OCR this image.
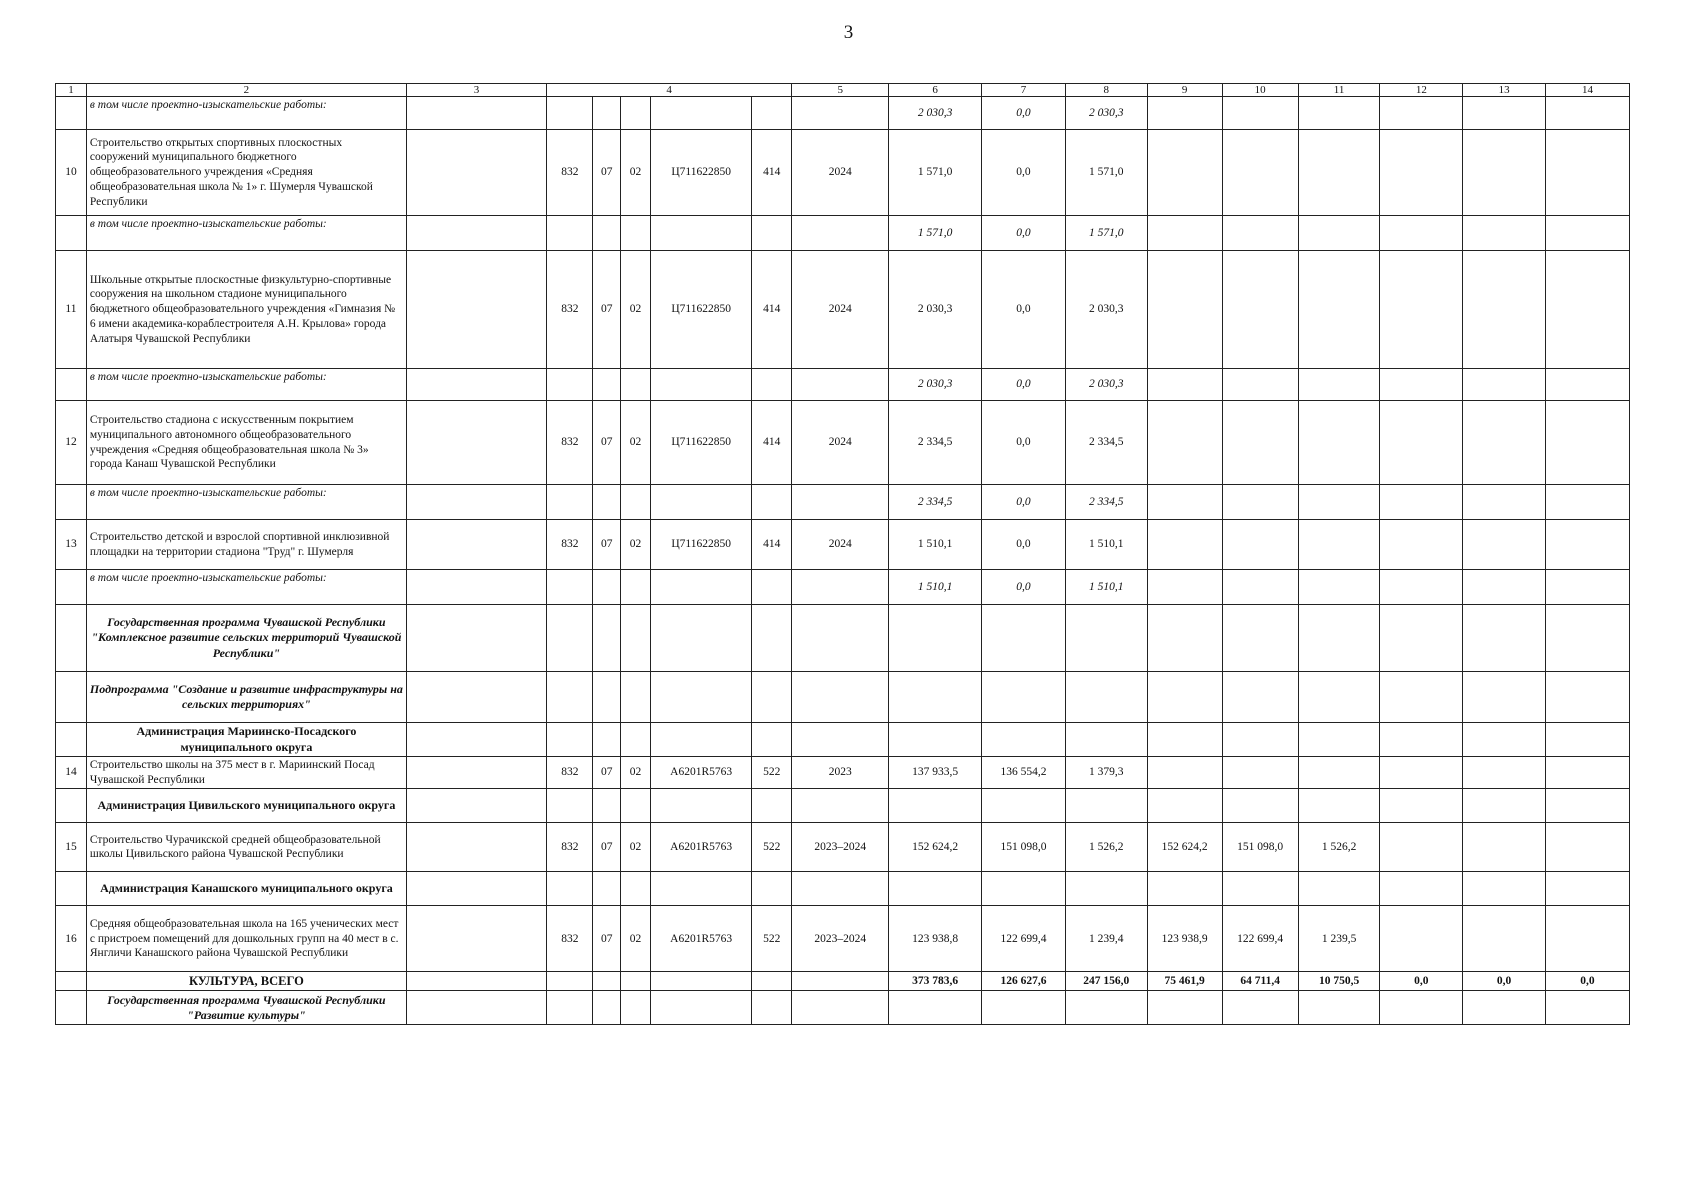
3
1	2	3	4					5	6	7	8	9	10	11	12	13	14
	в том числе проектно-изыскательские работы:								2 030,3	0,0	2 030,3						
10	Строительство открытых спортивных плоскостных сооружений муниципального бюджетного общеобразовательного учреждения «Средняя общеобразовательная школа № 1» г. Шумерля Чувашской Республики		832	07	02	Ц711622850	414	2024	1 571,0	0,0	1 571,0						
	в том числе проектно-изыскательские работы:								1 571,0	0,0	1 571,0						
11	Школьные открытые плоскостные физкультурно-спортивные сооружения на школьном стадионе муниципального бюджетного общеобразовательного учреждения «Гимназия № 6 имени академика-кораблестроителя А.Н. Крылова» города Алатыря Чувашской Республики		832	07	02	Ц711622850	414	2024	2 030,3	0,0	2 030,3						
	в том числе проектно-изыскательские работы:								2 030,3	0,0	2 030,3						
12	Строительство стадиона с искусственным покрытием муниципального автономного общеобразовательного учреждения «Средняя общеобразовательная школа № 3» города Канаш Чувашской Республики		832	07	02	Ц711622850	414	2024	2 334,5	0,0	2 334,5						
	в том числе проектно-изыскательские работы:								2 334,5	0,0	2 334,5						
13	Строительство детской и взрослой спортивной инклюзивной площадки на территории стадиона "Труд" г. Шумерля		832	07	02	Ц711622850	414	2024	1 510,1	0,0	1 510,1						
	в том числе проектно-изыскательские работы:								1 510,1	0,0	1 510,1						
	Государственная программа Чувашской Республики "Комплексное развитие сельских территорий Чувашской Республики"																
	Подпрограмма "Создание и развитие инфраструктуры на сельских территориях"																
	Администрация Мариинско-Посадского муниципального округа																
14	Строительство школы на 375 мест в г. Мариинский Посад Чувашской Республики		832	07	02	А6201R5763	522	2023	137 933,5	136 554,2	1 379,3						
	Администрация Цивильского муниципального округа																
15	Строительство Чурачикской средней общеобразовательной школы Цивильского района Чувашской Республики		832	07	02	А6201R5763	522	2023–2024	152 624,2	151 098,0	1 526,2	152 624,2	151 098,0	1 526,2			
	Администрация Канашского муниципального округа																
16	Средняя общеобразовательная школа на 165 ученических мест с пристроем помещений для дошкольных групп на 40 мест в с. Янгличи Канашского района Чувашской Республики		832	07	02	А6201R5763	522	2023–2024	123 938,8	122 699,4	1 239,4	123 938,9	122 699,4	1 239,5			
	КУЛЬТУРА, ВСЕГО								373 783,6	126 627,6	247 156,0	75 461,9	64 711,4	10 750,5	0,0	0,0	0,0
	Государственная программа Чувашской Республики "Развитие культуры"																
